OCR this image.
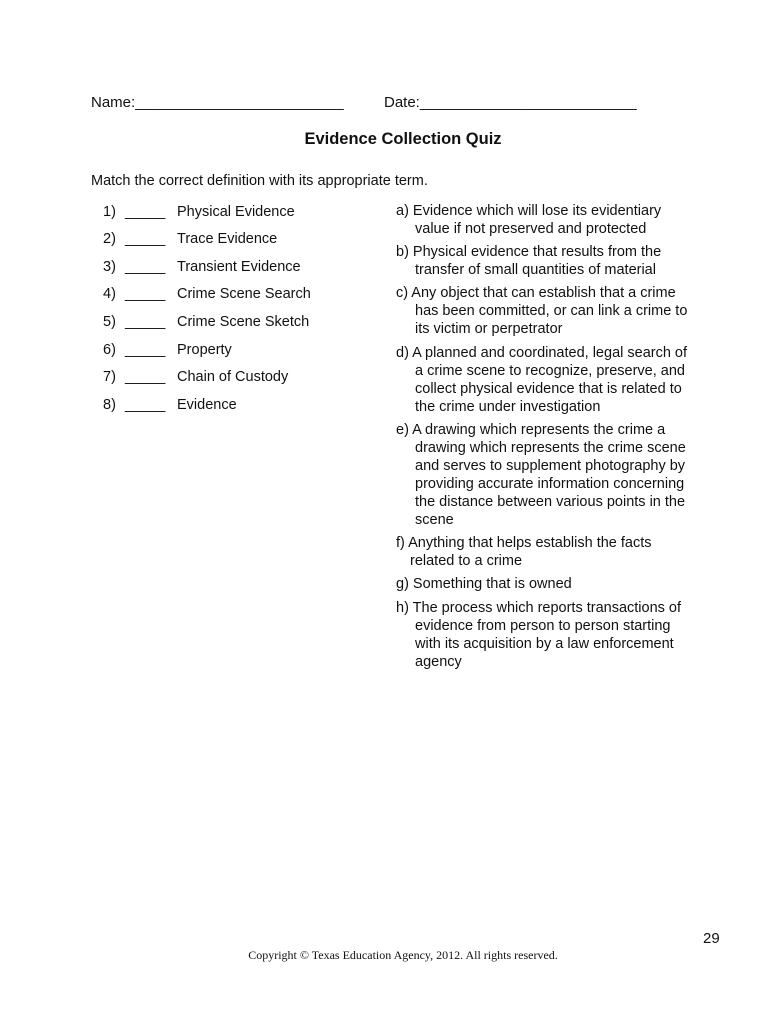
Name:_________________________	Date:__________________________
Evidence Collection Quiz
Match the correct definition with its appropriate term.
1) _____ Physical Evidence
2) _____ Trace Evidence
3) _____ Transient Evidence
4) _____ Crime Scene Search
5) _____ Crime Scene Sketch
6) _____ Property
7) _____ Chain of Custody
8) _____ Evidence
a) Evidence which will lose its evidentiary
value if not preserved and protected
b) Physical evidence that results from the
transfer of small quantities of material
c) Any object that can establish that a crime
has been committed, or can link a crime to
its victim or perpetrator
d) A planned and coordinated, legal search of
a crime scene to recognize, preserve, and
collect physical evidence that is related to
the crime under investigation
e) A drawing which represents the crime a
drawing which represents the crime scene
and serves to supplement photography by
providing accurate information concerning
the distance between various points in the
scene
f) Anything that helps establish the facts
related to a crime
g) Something that is owned
h) The process which reports transactions of
evidence from person to person starting
with its acquisition by a law enforcement
agency
29
Copyright © Texas Education Agency, 2012. All rights reserved.
